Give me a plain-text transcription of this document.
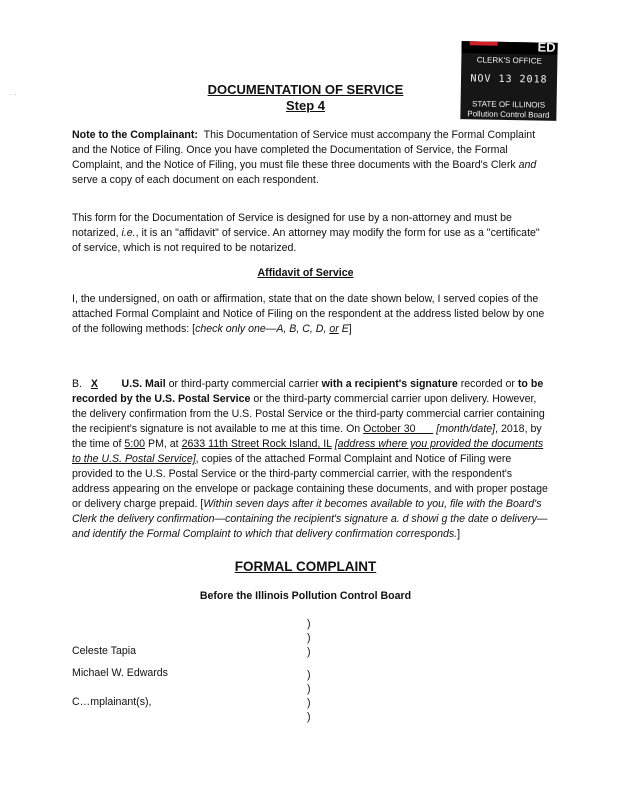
ED
CLERK'S OFFICE
NOV 13 2018
STATE OF ILLINOIS
Pollution Control Board
. .	DOCUMENTATION OF SERVICE
Step 4
Note to the Complainant: This Documentation of Service must accompany the Formal Complaint and the Notice of Filing. Once you have completed the Documentation of Service, the Formal Complaint, and the Notice of Filing, you must file these three documents with the Board's Clerk and serve a copy of each document on each respondent.
This form for the Documentation of Service is designed for use by a non-attorney and must be notarized, i.e., it is an "affidavit" of service. An attorney may modify the form for use as a "certificate" of service, which is not required to be notarized.
Affidavit of Service
I, the undersigned, on oath or affirmation, state that on the date shown below, I served copies of the attached Formal Complaint and Notice of Filing on the respondent at the address listed below by one of the following methods: [check only one—A, B, C, D, or E]
B. X U.S. Mail or third-party commercial carrier with a recipient's signature recorded or to be recorded by the U.S. Postal Service or the third-party commercial carrier upon delivery. However, the delivery confirmation from the U.S. Postal Service or the third-party commercial carrier containing the recipient's signature is not available to me at this time. On October 30 [month/date], 2018, by the time of 5:00 PM, at 2633 11th Street Rock Island, IL [address where you provided the documents to the U.S. Postal Service], copies of the attached Formal Complaint and Notice of Filing were provided to the U.S. Postal Service or the third-party commercial carrier, with the respondent's address appearing on the envelope or package containing these documents, and with proper postage or delivery charge prepaid. [Within seven days after it becomes available to you, file with the Board's Clerk the delivery confirmation—containing the recipient's signature a. d showi g the date o delivery—and identify the Formal Complaint to which that delivery confirmation corresponds.]
FORMAL COMPLAINT
Before the Illinois Pollution Control Board
Celeste Tapia
Michael W. Edwards
C…mplainant(s),
)
)
)
)
)
)
)
